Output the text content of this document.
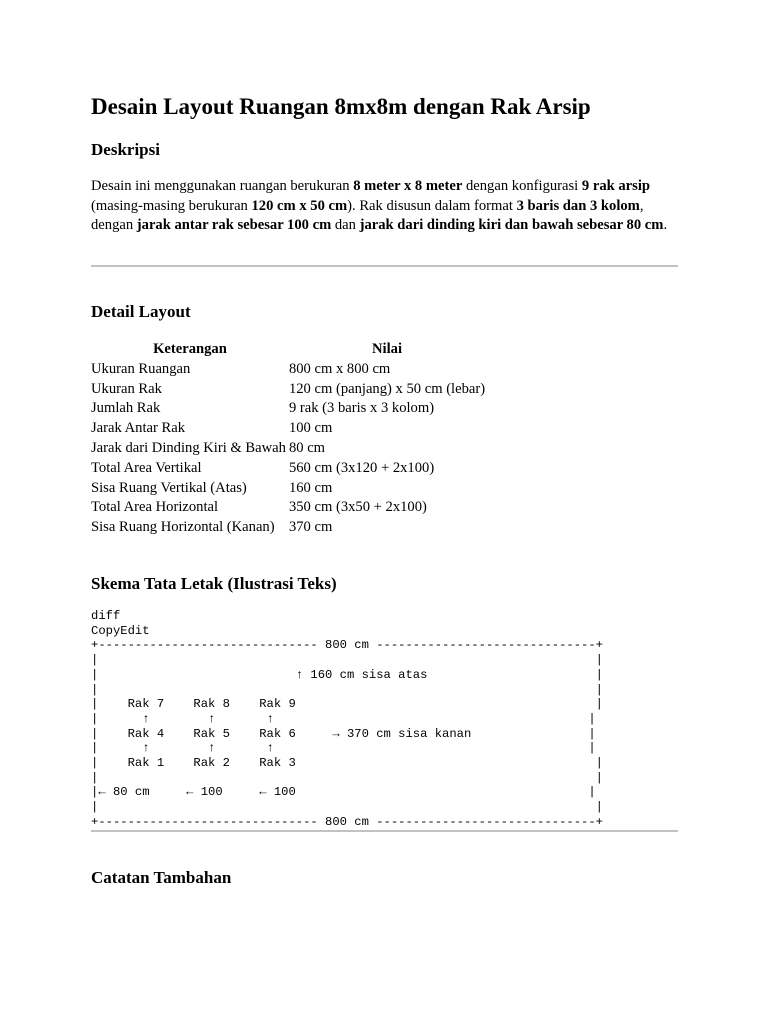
Desain Layout Ruangan 8mx8m dengan Rak Arsip
Deskripsi

Desain ini menggunakan ruangan berukuran 8 meter x 8 meter dengan konfigurasi 9 rak arsip (masing-masing berukuran 120 cm x 50 cm). Rak disusun dalam format 3 baris dan 3 kolom, dengan jarak antar rak sebesar 100 cm dan jarak dari dinding kiri dan bawah sebesar 80 cm.

Detail Layout
Keterangan	Nilai
Ukuran Ruangan	800 cm x 800 cm
Ukuran Rak	120 cm (panjang) x 50 cm (lebar)
Jumlah Rak	9 rak (3 baris x 3 kolom)
Jarak Antar Rak	100 cm
Jarak dari Dinding Kiri & Bawah	80 cm
Total Area Vertikal	560 cm (3x120 + 2x100)
Sisa Ruang Vertikal (Atas)	160 cm
Total Area Horizontal	350 cm (3x50 + 2x100)
Sisa Ruang Horizontal (Kanan)	370 cm
Skema Tata Letak (Ilustrasi Teks)
diff
CopyEdit
+------------------------------ 800 cm ------------------------------+
|                                                                    |
|                           ↑ 160 cm sisa atas                       |
|                                                                    |
|    Rak 7    Rak 8    Rak 9                                         |
|      ↑        ↑       ↑                                           |
|    Rak 4    Rak 5    Rak 6     → 370 cm sisa kanan                |
|      ↑        ↑       ↑                                           |
|    Rak 1    Rak 2    Rak 3                                         |
|                                                                    |
|← 80 cm     ← 100     ← 100                                        |
|                                                                    |
+------------------------------ 800 cm ------------------------------+
Catatan Tambahan
